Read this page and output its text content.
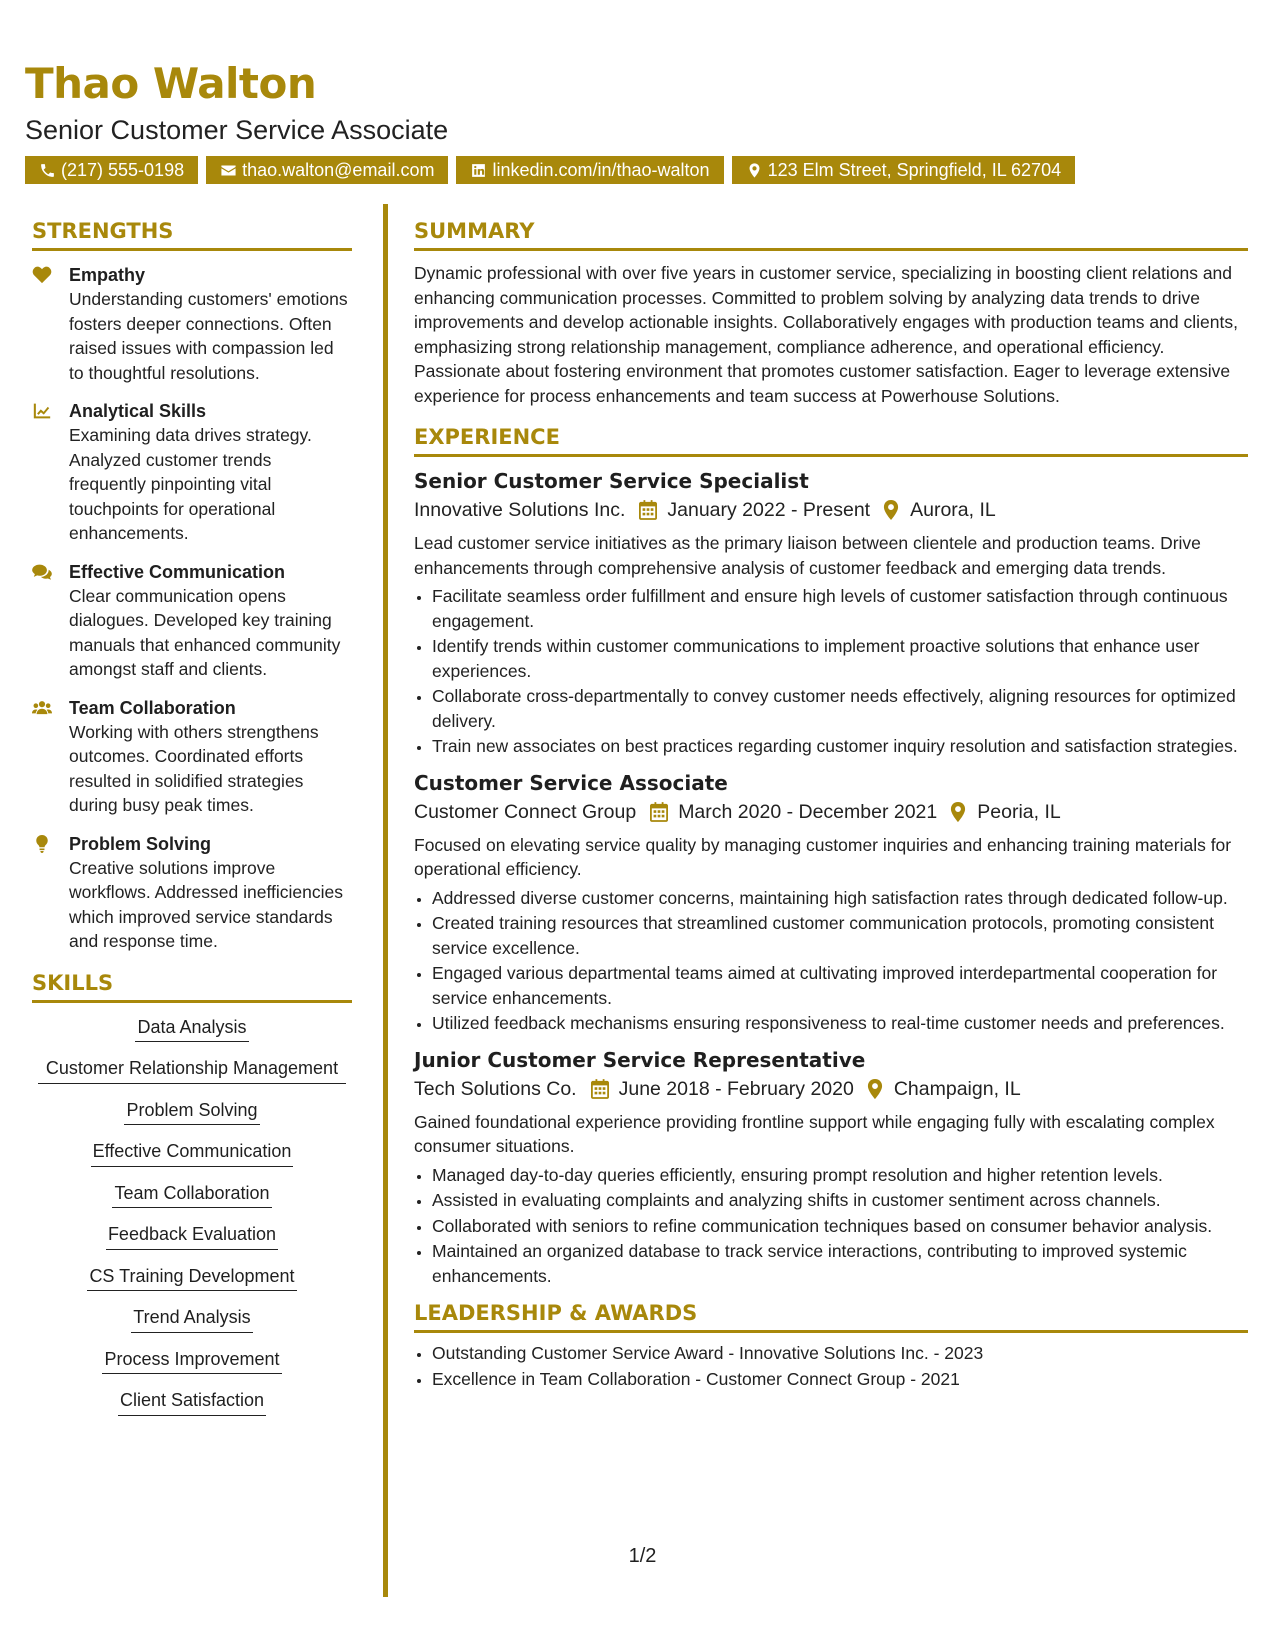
Thao Walton
Senior Customer Service Associate
(217) 555-0198	thao.walton@email.com	linkedin.com/in/thao-walton	123 Elm Street, Springfield, IL 62704
STRENGTHS
Empathy
Understanding customers' emotions fosters deeper connections. Often raised issues with compassion led to thoughtful resolutions.
Analytical Skills
Examining data drives strategy. Analyzed customer trends frequently pinpointing vital touchpoints for operational enhancements.
Effective Communication
Clear communication opens dialogues. Developed key training manuals that enhanced community amongst staff and clients.
Team Collaboration
Working with others strengthens outcomes. Coordinated efforts resulted in solidified strategies during busy peak times.
Problem Solving
Creative solutions improve workflows. Addressed inefficiencies which improved service standards and response time.
SKILLS
Data Analysis
Customer Relationship Management
Problem Solving
Effective Communication
Team Collaboration
Feedback Evaluation
CS Training Development
Trend Analysis
Process Improvement
Client Satisfaction
SUMMARY

Dynamic professional with over five years in customer service, specializing in boosting client relations and enhancing communication processes. Committed to problem solving by analyzing data trends to drive improvements and develop actionable insights. Collaboratively engages with production teams and clients, emphasizing strong relationship management, compliance adherence, and operational efficiency. Passionate about fostering environment that promotes customer satisfaction. Eager to leverage extensive experience for process enhancements and team success at Powerhouse Solutions.

EXPERIENCE
Senior Customer Service Specialist
Innovative Solutions Inc. January 2022 - Present Aurora, IL

Lead customer service initiatives as the primary liaison between clientele and production teams. Drive enhancements through comprehensive analysis of customer feedback and emerging data trends.

• Facilitate seamless order fulfillment and ensure high levels of customer satisfaction through continuous engagement.
• Identify trends within customer communications to implement proactive solutions that enhance user experiences.
• Collaborate cross-departmentally to convey customer needs effectively, aligning resources for optimized delivery.
• Train new associates on best practices regarding customer inquiry resolution and satisfaction strategies.
Customer Service Associate
Customer Connect Group March 2020 - December 2021 Peoria, IL

Focused on elevating service quality by managing customer inquiries and enhancing training materials for operational efficiency.

• Addressed diverse customer concerns, maintaining high satisfaction rates through dedicated follow-up.
• Created training resources that streamlined customer communication protocols, promoting consistent service excellence.
• Engaged various departmental teams aimed at cultivating improved interdepartmental cooperation for service enhancements.
• Utilized feedback mechanisms ensuring responsiveness to real-time customer needs and preferences.
Junior Customer Service Representative
Tech Solutions Co. June 2018 - February 2020 Champaign, IL

Gained foundational experience providing frontline support while engaging fully with escalating complex consumer situations.

• Managed day-to-day queries efficiently, ensuring prompt resolution and higher retention levels.
• Assisted in evaluating complaints and analyzing shifts in customer sentiment across channels.
• Collaborated with seniors to refine communication techniques based on consumer behavior analysis.
• Maintained an organized database to track service interactions, contributing to improved systemic enhancements.
LEADERSHIP & AWARDS
• Outstanding Customer Service Award - Innovative Solutions Inc. - 2023
• Excellence in Team Collaboration - Customer Connect Group - 2021
1/2
